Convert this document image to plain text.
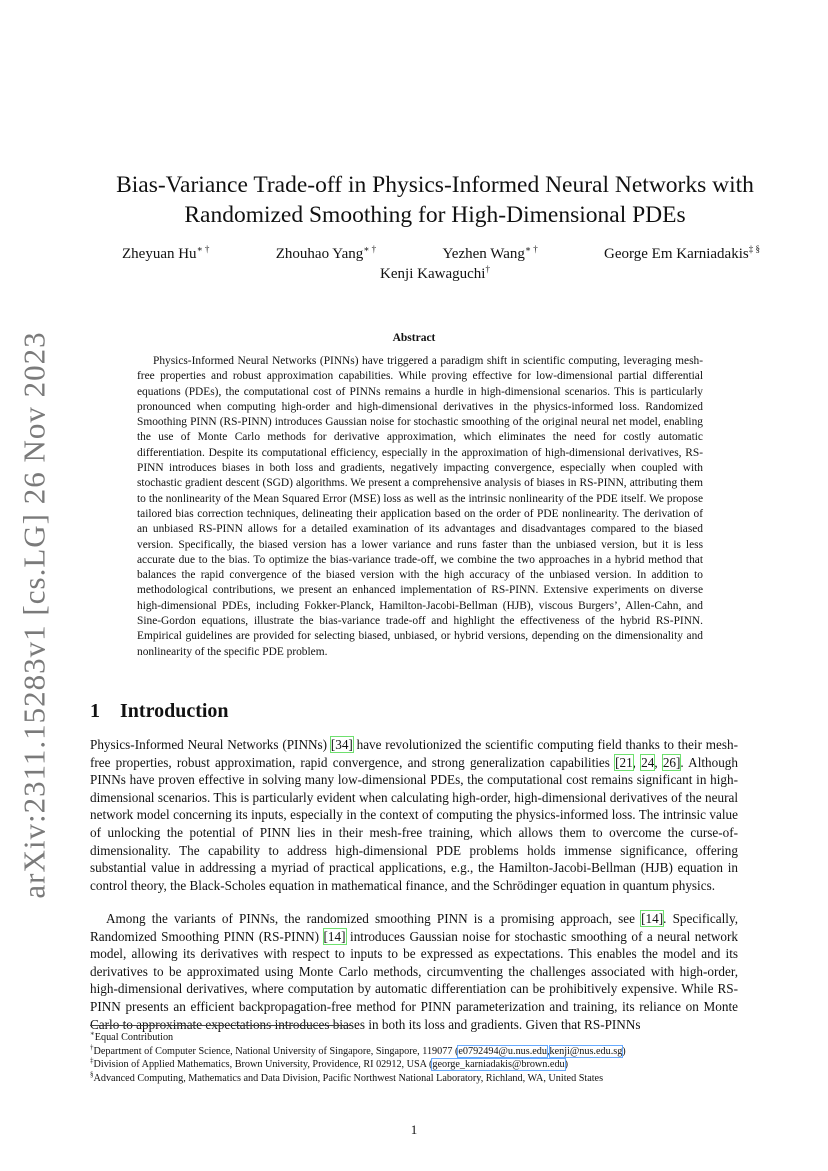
arXiv:2311.15283v1 [cs.LG] 26 Nov 2023
Bias-Variance Trade-off in Physics-Informed Neural Networks with
Randomized Smoothing for High-Dimensional PDEs
Zheyuan Hu∗ †	Zhouhao Yang∗ †	Yezhen Wang∗ †	George Em Karniadakis‡ §
Kenji Kawaguchi†
Abstract

Physics-Informed Neural Networks (PINNs) have triggered a paradigm shift in scientific computing, leveraging mesh-free properties and robust approximation capabilities. While proving effective for low-dimensional partial differential equations (PDEs), the computational cost of PINNs remains a hurdle in high-dimensional scenarios. This is particularly pronounced when computing high-order and high-dimensional derivatives in the physics-informed loss. Randomized Smoothing PINN (RS-PINN) introduces Gaussian noise for stochastic smoothing of the original neural net model, enabling the use of Monte Carlo methods for derivative approximation, which eliminates the need for costly automatic differentiation. Despite its computational efficiency, especially in the approximation of high-dimensional derivatives, RS-PINN introduces biases in both loss and gradients, negatively impacting convergence, especially when coupled with stochastic gradient descent (SGD) algorithms. We present a comprehensive analysis of biases in RS-PINN, attributing them to the nonlinearity of the Mean Squared Error (MSE) loss as well as the intrinsic nonlinearity of the PDE itself. We propose tailored bias correction techniques, delineating their application based on the order of PDE nonlinearity. The derivation of an unbiased RS-PINN allows for a detailed examination of its advantages and disadvantages compared to the biased version. Specifically, the biased version has a lower variance and runs faster than the unbiased version, but it is less accurate due to the bias. To optimize the bias-variance trade-off, we combine the two approaches in a hybrid method that balances the rapid convergence of the biased version with the high accuracy of the unbiased version. In addition to methodological contributions, we present an enhanced implementation of RS-PINN. Extensive experiments on diverse high-dimensional PDEs, including Fokker-Planck, Hamilton-Jacobi-Bellman (HJB), viscous Burgers’, Allen-Cahn, and Sine-Gordon equations, illustrate the bias-variance trade-off and highlight the effectiveness of the hybrid RS-PINN. Empirical guidelines are provided for selecting biased, unbiased, or hybrid versions, depending on the dimensionality and nonlinearity of the specific PDE problem.

1 Introduction

Physics-Informed Neural Networks (PINNs) [34] have revolutionized the scientific computing field thanks to their mesh-free properties, robust approximation, rapid convergence, and strong generalization capabilities [21, 24, 26]. Although PINNs have proven effective in solving many low-dimensional PDEs, the computational cost remains significant in high-dimensional scenarios. This is particularly evident when calculating high-order, high-dimensional derivatives of the neural network model concerning its inputs, especially in the context of computing the physics-informed loss. The intrinsic value of unlocking the potential of PINN lies in their mesh-free training, which allows them to overcome the curse-of-dimensionality. The capability to address high-dimensional PDE problems holds immense significance, offering substantial value in addressing a myriad of practical applications, e.g., the Hamilton-Jacobi-Bellman (HJB) equation in control theory, the Black-Scholes equation in mathematical finance, and the Schrödinger equation in quantum physics.

Among the variants of PINNs, the randomized smoothing PINN is a promising approach, see [14]. Specifically, Randomized Smoothing PINN (RS-PINN) [14] introduces Gaussian noise for stochastic smoothing of a neural network model, allowing its derivatives with respect to inputs to be expressed as expectations. This enables the model and its derivatives to be approximated using Monte Carlo methods, circumventing the challenges associated with high-order, high-dimensional derivatives, where computation by automatic differentiation can be prohibitively expensive. While RS-PINN presents an efficient backpropagation-free method for PINN parameterization and training, its reliance on Monte Carlo to approximate expectations introduces biases in both its loss and gradients. Given that RS-PINNs

∗Equal Contribution
†Department of Computer Science, National University of Singapore, Singapore, 119077 (e0792494@u.nus.edu,kenji@nus.edu.sg)
‡Division of Applied Mathematics, Brown University, Providence, RI 02912, USA (george_karniadakis@brown.edu)
§Advanced Computing, Mathematics and Data Division, Pacific Northwest National Laboratory, Richland, WA, United States
1
